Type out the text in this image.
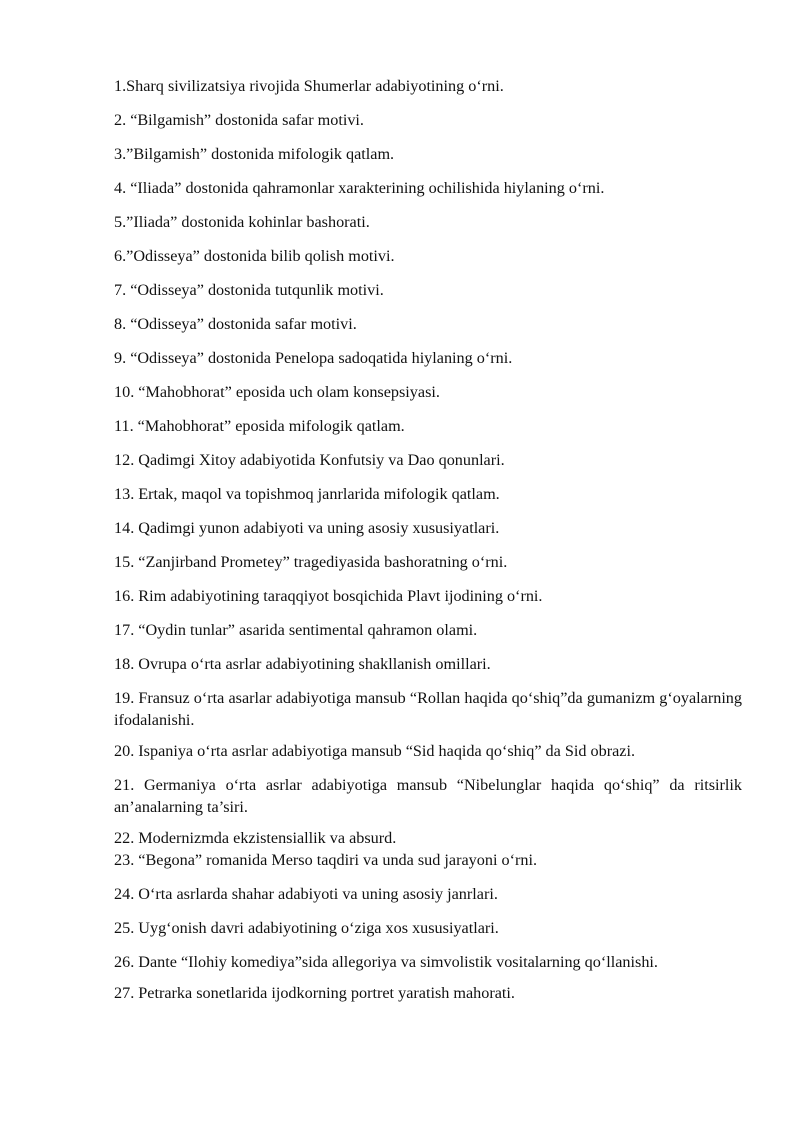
1.Sharq sivilizatsiya rivojida Shumerlar adabiyotining o‘rni.

2. “Bilgamish” dostonida safar motivi.

3.”Bilgamish” dostonida mifologik qatlam.

4. “Iliada” dostonida qahramonlar xarakterining ochilishida hiylaning o‘rni.

5.”Iliada” dostonida kohinlar bashorati.

6.”Odisseya” dostonida bilib qolish motivi.

7. “Odisseya” dostonida tutqunlik motivi.

8. “Odisseya” dostonida safar motivi.

9. “Odisseya” dostonida Penelopa sadoqatida hiylaning o‘rni.

10. “Mahobhorat” eposida uch olam konsepsiyasi.

11. “Mahobhorat” eposida mifologik qatlam.

12. Qadimgi Xitoy adabiyotida Konfutsiy va Dao qonunlari.

13. Ertak, maqol va topishmoq janrlarida mifologik qatlam.

14. Qadimgi yunon adabiyoti va uning asosiy xususiyatlari.

15. “Zanjirband Prometey” tragediyasida bashoratning o‘rni.

16. Rim adabiyotining taraqqiyot bosqichida Plavt ijodining o‘rni.

17. “Oydin tunlar” asarida sentimental qahramon olami.

18. Ovrupa o‘rta asrlar adabiyotining shakllanish omillari.

19. Fransuz o‘rta asarlar adabiyotiga mansub “Rollan haqida qo‘shiq”da gumanizm g‘oyalarning ifodalanishi.

20. Ispaniya o‘rta asrlar adabiyotiga mansub “Sid haqida qo‘shiq” da Sid obrazi.

21. Germaniya o‘rta asrlar adabiyotiga mansub “Nibelunglar haqida qo‘shiq” da ritsirlik an’analarning ta’siri.

22. Modernizmda ekzistensiallik va absurd.

23. “Begona” romanida Merso taqdiri va unda sud jarayoni o‘rni.

24. O‘rta asrlarda shahar adabiyoti va uning asosiy janrlari.

25. Uyg‘onish davri adabiyotining o‘ziga xos xususiyatlari.

26. Dante “Ilohiy komediya”sida allegoriya va simvolistik vositalarning qo‘llanishi.

27. Petrarka sonetlarida ijodkorning portret yaratish mahorati.
